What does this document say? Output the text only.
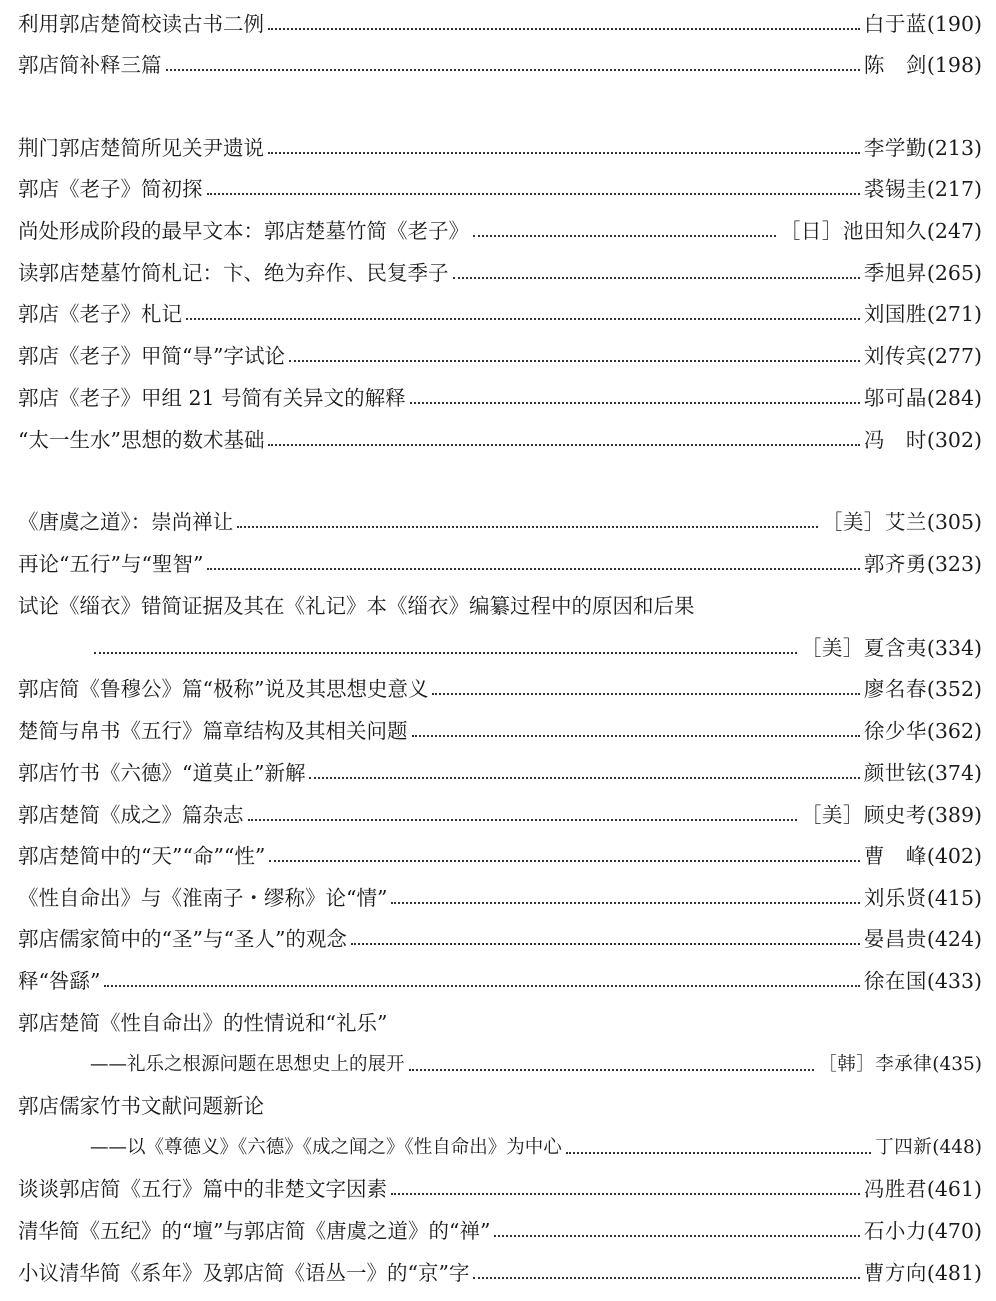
利用郭店楚简校读古书二例	白于蓝 ( 190 )
郭店简补释三篇	陈　剑 ( 198 )
荆门郭店楚简所见关尹遗说	李学勤 ( 213 )
郭店《老子》简初探	裘锡圭 ( 217 )
尚处形成阶段的最早文本：郭店楚墓竹简《老子》	［日］池田知久 ( 247 )
读郭店楚墓竹简札记：卞、绝为弃作、民复季子	季旭昇 ( 265 )
郭店《老子》札记	刘国胜 ( 271 )
郭店《老子》甲简“㝵”字试论	刘传宾 ( 277 )
郭店《老子》甲组 21 号简有关异文的解释	邬可晶 ( 284 )
“太一生水”思想的数术基础	冯　时 ( 302 )
《唐虞之道》：崇尚禅让	［美］艾兰 ( 305 )
再论“五行”与“聖智”	郭齐勇 ( 323 )
试论《缁衣》错简证据及其在《礼记》本《缁衣》编纂过程中的原因和后果
［美］夏含夷 ( 334 )
郭店简《鲁穆公》篇“极称”说及其思想史意义	廖名春 ( 352 )
楚简与帛书《五行》篇章结构及其相关问题	徐少华 ( 362 )
郭店竹书《六德》“道莫止”新解	颜世铉 ( 374 )
郭店楚简《成之》篇杂志	［美］顾史考 ( 389 )
郭店楚简中的“天”“命”“性”	曹　峰 ( 402 )
《性自命出》与《淮南子・缪称》论“情”	刘乐贤 ( 415 )
郭店儒家简中的“圣”与“圣人”的观念	晏昌贵 ( 424 )
释“咎繇”	徐在国 ( 433 )
郭店楚简《性自命出》的性情说和“礼乐”
——礼乐之根源问题在思想史上的展开	［韩］李承律 ( 435 )
郭店儒家竹书文献问题新论
——以《尊德义》《六德》《成之闻之》《性自命出》为中心	丁四新 ( 448 )
谈谈郭店简《五行》篇中的非楚文字因素	冯胜君 ( 461 )
清华简《五纪》的“壇”与郭店简《唐虞之道》的“禅”	石小力 ( 470 )
小议清华简《系年》及郭店简《语丛一》的“京”字	曹方向 ( 481 )
